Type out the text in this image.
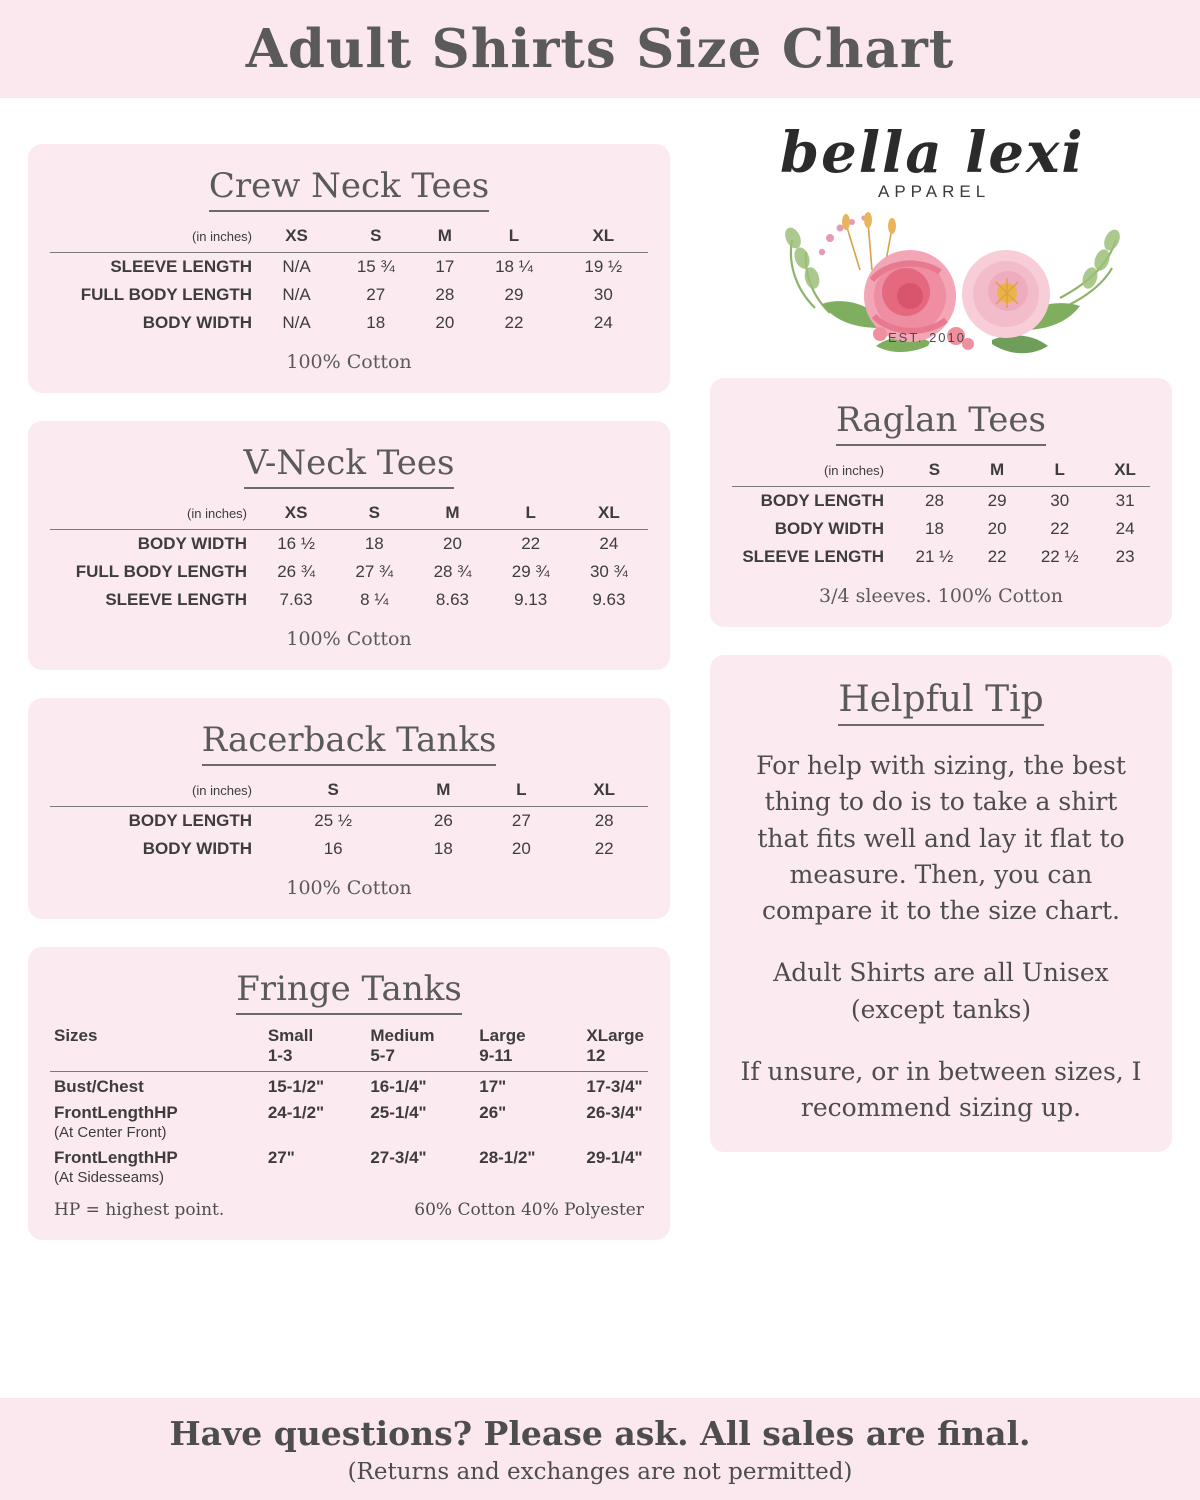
Adult Shirts Size Chart
Crew Neck Tees
(in inches)	XS	S	M	L	XL
SLEEVE LENGTH	N/A	15 ¾	17	18 ¼	19 ½
FULL BODY LENGTH	N/A	27	28	29	30
BODY WIDTH	N/A	18	20	22	24
100% Cotton
V-Neck Tees
(in inches)	XS	S	M	L	XL
BODY WIDTH	16 ½	18	20	22	24
FULL BODY LENGTH	26 ¾	27 ¾	28 ¾	29 ¾	30 ¾
SLEEVE LENGTH	7.63	8 ¼	8.63	9.13	9.63
100% Cotton
Racerback Tanks
(in inches)	S	M	L	XL
BODY LENGTH	25 ½	26	27	28
BODY WIDTH	16	18	20	22
100% Cotton
Fringe Tanks
Sizes	Small	Medium	Large	XLarge
	1-3	5-7	9-11	12
Bust/Chest	15-1/2"	16-1/4"	17"	17-3/4"
FrontLengthHP	24-1/2"	25-1/4"	26"	26-3/4"
(At Center Front)				
FrontLengthHP	27"	27-3/4"	28-1/2"	29-1/4"
(At Sidesseams)				
HP = highest point.	60% Cotton 40% Polyester
bella lexi
APPAREL
EST. 2010
Raglan Tees
(in inches)	S	M	L	XL
BODY LENGTH	28	29	30	31
BODY WIDTH	18	20	22	24
SLEEVE LENGTH	21 ½	22	22 ½	23
3/4 sleeves. 100% Cotton
Helpful Tip

For help with sizing, the best thing to do is to take a shirt that fits well and lay it flat to measure. Then, you can compare it to the size chart.

Adult Shirts are all Unisex (except tanks)

If unsure, or in between sizes, I recommend sizing up.

Have questions? Please ask. All sales are final.
(Returns and exchanges are not permitted)
